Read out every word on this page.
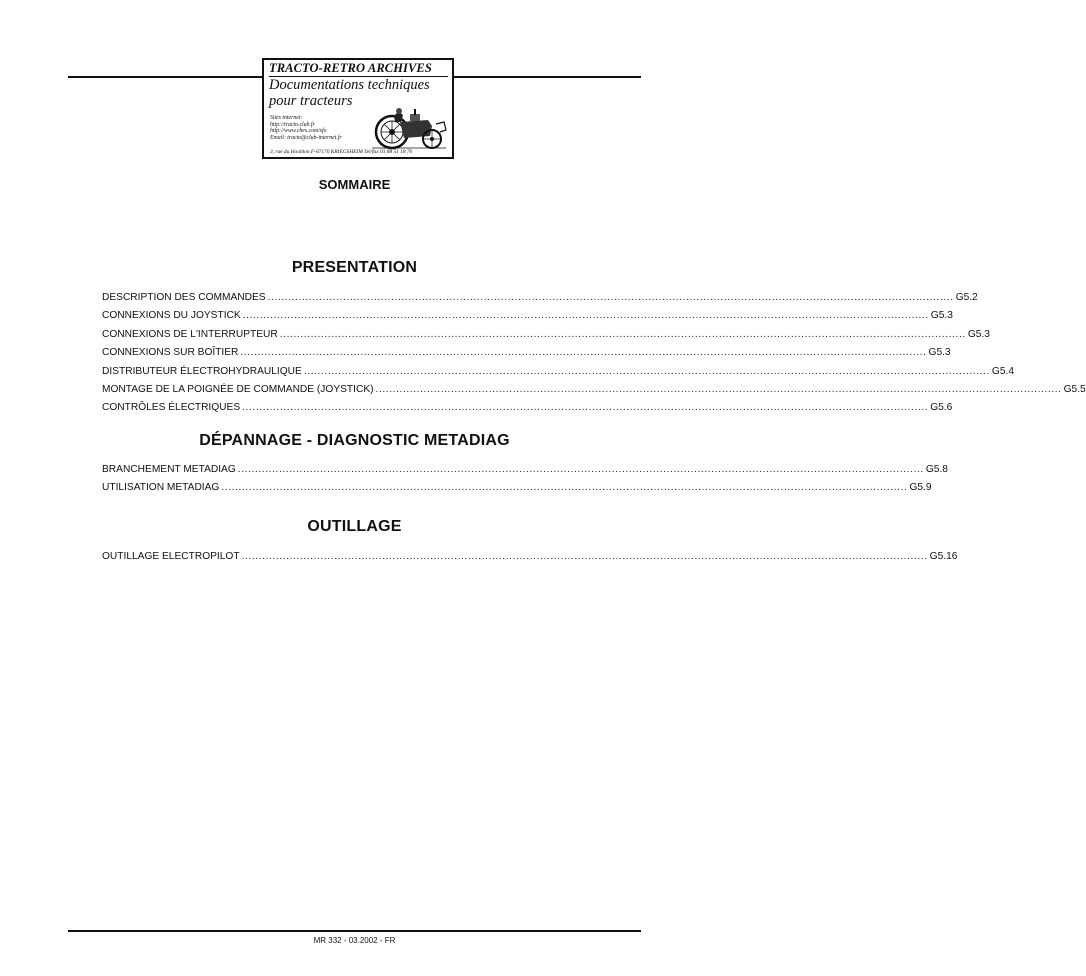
TRACTO-RETRO ARCHIVES
Documentations techniques
pour tracteurs
Sites internet:
http://tracto.club.fr
http://www.ches.com/sfo
Email: tracto@club-internet.fr
3, rue du Houblon F-67170 KRIEGSHEIM Tel/fax 03 88 51 18 70
SOMMAIRE
PRESENTATION
DESCRIPTION DES COMMANDES ........................................................................................................................................................................................................ G5.2
CONNEXIONS DU JOYSTICK ........................................................................................................................................................................................................ G5.3
CONNEXIONS DE L'INTERRUPTEUR ........................................................................................................................................................................................................ G5.3
CONNEXIONS SUR BOÎTIER ........................................................................................................................................................................................................ G5.3
DISTRIBUTEUR ÉLECTROHYDRAULIQUE ........................................................................................................................................................................................................ G5.4
MONTAGE DE LA POIGNÉE DE COMMANDE (JOYSTICK) ........................................................................................................................................................................................................ G5.5
CONTRÔLES ÉLECTRIQUES ........................................................................................................................................................................................................ G5.6
DÉPANNAGE - DIAGNOSTIC METADIAG
BRANCHEMENT METADIAG ........................................................................................................................................................................................................ G5.8
UTILISATION METADIAG ........................................................................................................................................................................................................ G5.9
OUTILLAGE
OUTILLAGE ELECTROPILOT ........................................................................................................................................................................................................ G5.16
MR 332 - 03.2002 - FR
